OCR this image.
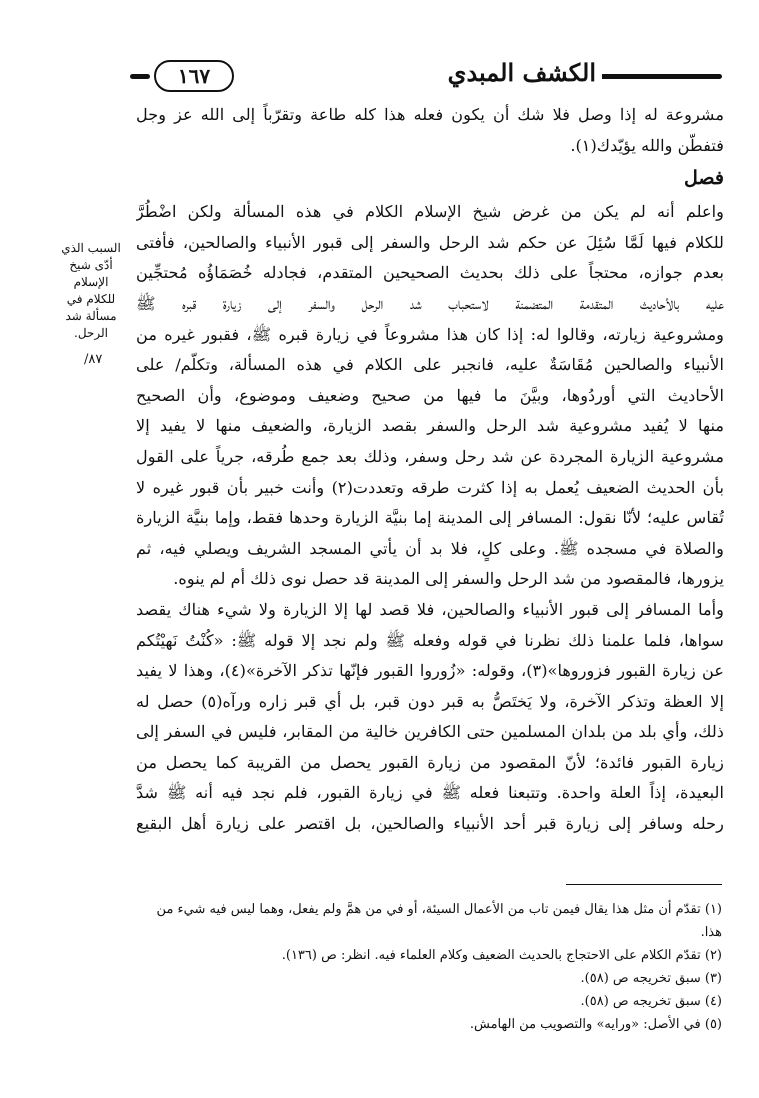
الكشف المبدي
١٦٧
مشروعة له إذا وصل فلا شك أن يكون فعله هذا كله طاعة وتقرّباً إلى الله عز وجل
فتفطّن والله يؤيّدك(١).
فصل
واعلم أنه لم يكن من غرض شيخ الإسلام الكلام في هذه المسألة ولكن اضْطُرَّ
للكلام فيها لَمَّا سُئِلَ عن حكم شد الرحل والسفر إلى قبور الأنبياء والصالحين، فأفتى
بعدم جوازه، محتجاً على ذلك بحديث الصحيحين المتقدم، فجادله خُصَمَاؤُه مُحتجِّين
عليه بالأحاديث المتقدمة المتضمنة لاستحباب شد الرحل والسفر إلى زيارة قبره ﷺ
ومشروعية زيارته، وقالوا له: إذا كان هذا مشروعاً في زيارة قبره ﷺ، فقبور غيره من
الأنبياء والصالحين مُقَاسَةٌ عليه، فانجبر على الكلام في هذه المسألة، وتكلّم/ على
الأحاديث التي أوردُوها، وبيَّنَ ما فيها من صحيح وضعيف وموضوع، وأن الصحيح
منها لا يُفيد مشروعية شد الرحل والسفر بقصد الزيارة، والضعيف منها لا يفيد إلا
مشروعية الزيارة المجردة عن شد رحل وسفر، وذلك بعد جمع طُرقه، جرياً على القول
بأن الحديث الضعيف يُعمل به إذا كثرت طرقه وتعددت(٢) وأنت خبير بأن قبور غيره لا
تُقاس عليه؛ لأنّا نقول: المسافر إلى المدينة إما بنيَّة الزيارة وحدها فقط، وإما بنيَّة الزيارة
والصلاة في مسجده ﷺ. وعلى كلٍ، فلا بد أن يأتي المسجد الشريف ويصلي فيه، ثم
يزورها، فالمقصود من شد الرحل والسفر إلى المدينة قد حصل نوى ذلك أم لم ينوه.
وأما المسافر إلى قبور الأنبياء والصالحين، فلا قصد لها إلا الزيارة ولا شيء هناك يقصد
سواها، فلما علمنا ذلك نظرنا في قوله وفعله ﷺ ولم نجد إلا قوله ﷺ: «كُنْتُ نَهيْتُكم
عن زيارة القبور فزوروها»(٣)، وقوله: «زُوروا القبور فإنّها تذكر الآخرة»(٤)، وهذا لا يفيد
إلا العظة وتذكر الآخرة، ولا يَختَصُّ به قبر دون قبر، بل أي قبر زاره ورآه(٥) حصل له
ذلك، وأي بلد من بلدان المسلمين حتى الكافرين خالية من المقابر، فليس في السفر إلى
زيارة القبور فائدة؛ لأنّ المقصود من زيارة القبور يحصل من القريبة كما يحصل من
البعيدة، إذاً العلة واحدة. وتتبعنا فعله ﷺ في زيارة القبور، فلم نجد فيه أنه ﷺ شدَّ
رحله وسافر إلى زيارة قبر أحد الأنبياء والصالحين، بل اقتصر على زيارة أهل البقيع
السبب الذي
أدّى شيخ
الإسلام
للكلام في
مسألة شد
الرحل.
٨٧/
(١) تقدّم أن مثل هذا يقال فيمن تاب من الأعمال السيئة، أو في من همَّ ولم يفعل، وهما ليس فيه شيء من هذا.
(٢) تقدّم الكلام على الاحتجاج بالحديث الضعيف وكلام العلماء فيه. انظر: ص (١٣٦).
(٣) سبق تخريجه ص (٥٨).
(٤) سبق تخريجه ص (٥٨).
(٥) في الأصل: «ورايه» والتصويب من الهامش.
